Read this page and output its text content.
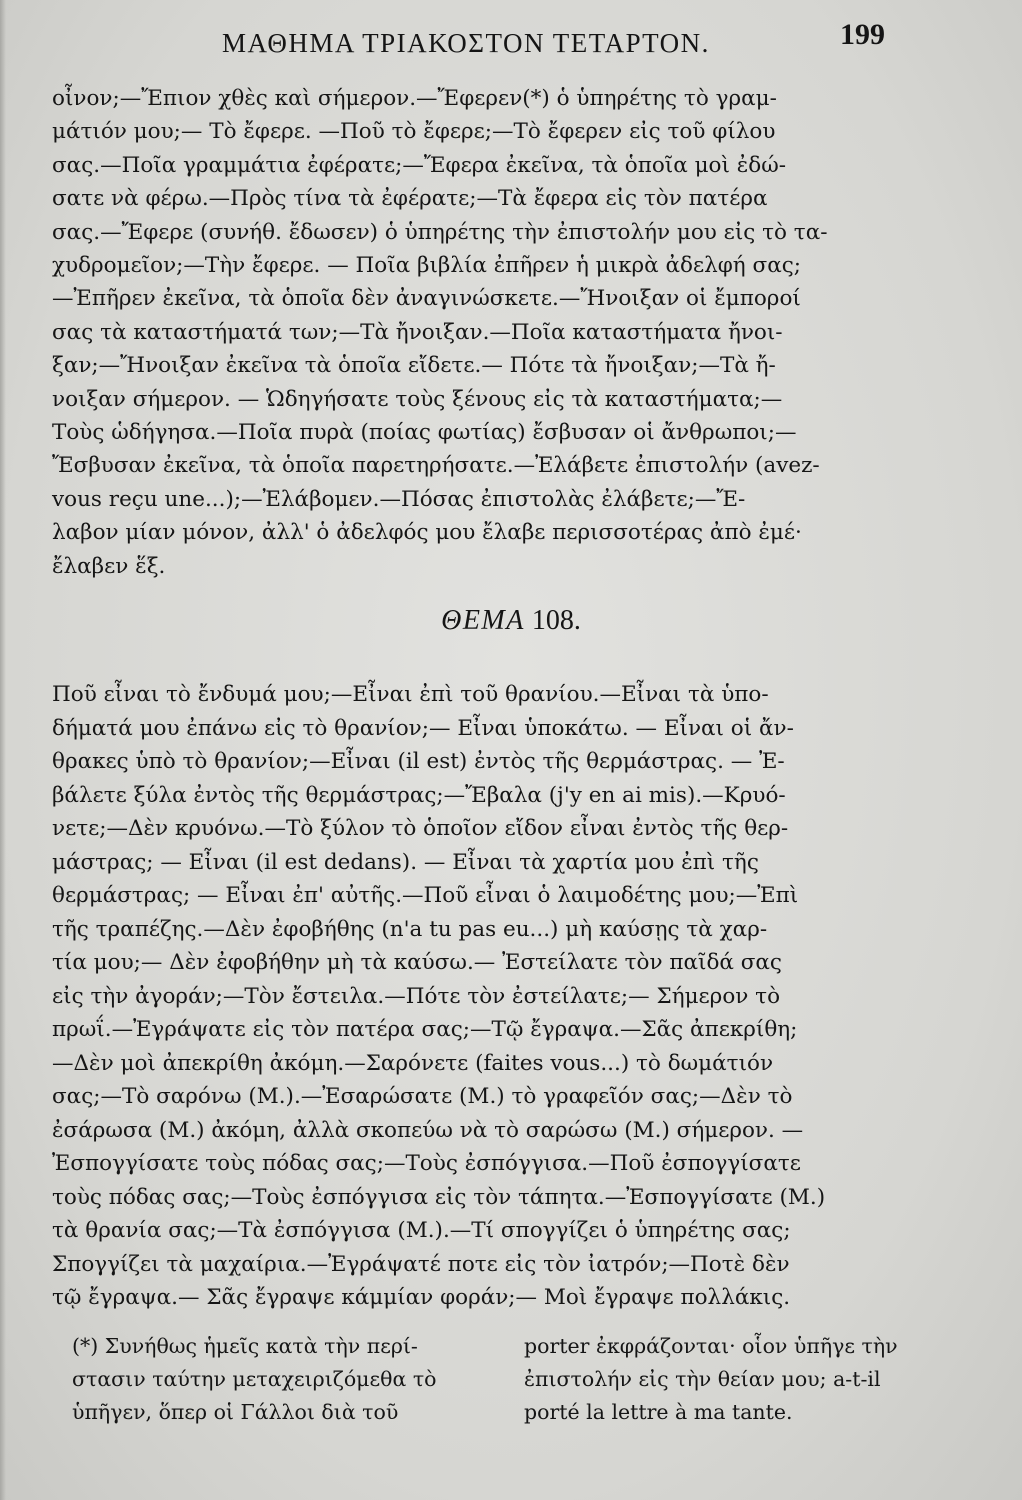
ΜΑΘΗΜΑ ΤΡΙΑΚΟΣΤΟΝ ΤΕΤΑΡΤΟΝ.	199
οἶνον;—Ἔπιον χθὲς καὶ σήμερον.—Ἔφερεν(*) ὁ ὑπηρέτης τὸ γραμ-
μάτιόν μου;— Τὸ ἔφερε. —Ποῦ τὸ ἔφερε;—Τὸ ἔφερεν εἰς τοῦ φίλου
σας.—Ποῖα γραμμάτια ἐφέρατε;—Ἔφερα ἐκεῖνα, τὰ ὁποῖα μοὶ ἐδώ-
σατε νὰ φέρω.—Πρὸς τίνα τὰ ἐφέρατε;—Τὰ ἔφερα εἰς τὸν πατέρα
σας.—Ἔφερε (συνήθ. ἔδωσεν) ὁ ὑπηρέτης τὴν ἐπιστολήν μου εἰς τὸ τα-
χυδρομεῖον;—Τὴν ἔφερε. — Ποῖα βιβλία ἐπῆρεν ἡ μικρὰ ἀδελφή σας;
—Ἐπῆρεν ἐκεῖνα, τὰ ὁποῖα δὲν ἀναγινώσκετε.—Ἤνοιξαν οἱ ἔμποροί
σας τὰ καταστήματά των;—Τὰ ἤνοιξαν.—Ποῖα καταστήματα ἤνοι-
ξαν;—Ἤνοιξαν ἐκεῖνα τὰ ὁποῖα εἴδετε.— Πότε τὰ ἤνοιξαν;—Τὰ ἤ-
νοιξαν σήμερον. — Ὡδηγήσατε τοὺς ξένους εἰς τὰ καταστήματα;—
Τοὺς ὡδήγησα.—Ποῖα πυρὰ (ποίας φωτίας) ἔσβυσαν οἱ ἄνθρωποι;—
Ἔσβυσαν ἐκεῖνα, τὰ ὁποῖα παρετηρήσατε.—Ἐλάβετε ἐπιστολήν (avez-
vous reçu une...);—Ἐλάβομεν.—Πόσας ἐπιστολὰς ἐλάβετε;—Ἔ-
λαβον μίαν μόνον, ἀλλ' ὁ ἀδελφός μου ἔλαβε περισσοτέρας ἀπὸ ἐμέ·
ἔλαβεν ἕξ.
ΘΕΜΑ 108.
Ποῦ εἶναι τὸ ἔνδυμά μου;—Εἶναι ἐπὶ τοῦ θρανίου.—Εἶναι τὰ ὑπο-
δήματά μου ἐπάνω εἰς τὸ θρανίον;— Εἶναι ὑποκάτω. — Εἶναι οἱ ἄν-
θρακες ὑπὸ τὸ θρανίον;—Εἶναι (il est) ἐντὸς τῆς θερμάστρας. — Ἐ-
βάλετε ξύλα ἐντὸς τῆς θερμάστρας;—Ἔβαλα (j'y en ai mis).—Κρυό-
νετε;—Δὲν κρυόνω.—Τὸ ξύλον τὸ ὁποῖον εἴδον εἶναι ἐντὸς τῆς θερ-
μάστρας; — Εἶναι (il est dedans). — Εἶναι τὰ χαρτία μου ἐπὶ τῆς
θερμάστρας; — Εἶναι ἐπ' αὐτῆς.—Ποῦ εἶναι ὁ λαιμοδέτης μου;—Ἐπὶ
τῆς τραπέζης.—Δὲν ἐφοβήθης (n'a tu pas eu...) μὴ καύσῃς τὰ χαρ-
τία μου;— Δὲν ἐφοβήθην μὴ τὰ καύσω.— Ἐστείλατε τὸν παῖδά σας
εἰς τὴν ἀγοράν;—Τὸν ἔστειλα.—Πότε τὸν ἐστείλατε;— Σήμερον τὸ
πρωΐ.—Ἐγράψατε εἰς τὸν πατέρα σας;—Τῷ ἔγραψα.—Σᾶς ἀπεκρίθη;
—Δὲν μοὶ ἀπεκρίθη ἀκόμη.—Σαρόνετε (faites vous...) τὸ δωμάτιόν
σας;—Τὸ σαρόνω (Μ.).—Ἐσαρώσατε (Μ.) τὸ γραφεῖόν σας;—Δὲν τὸ
ἐσάρωσα (Μ.) ἀκόμη, ἀλλὰ σκοπεύω νὰ τὸ σαρώσω (Μ.) σήμερον. —
Ἐσπογγίσατε τοὺς πόδας σας;—Τοὺς ἐσπόγγισα.—Ποῦ ἐσπογγίσατε
τοὺς πόδας σας;—Τοὺς ἐσπόγγισα εἰς τὸν τάπητα.—Ἐσπογγίσατε (Μ.)
τὰ θρανία σας;—Τὰ ἐσπόγγισα (Μ.).—Τί σπογγίζει ὁ ὑπηρέτης σας;
Σπογγίζει τὰ μαχαίρια.—Ἐγράψατέ ποτε εἰς τὸν ἰατρόν;—Ποτὲ δὲν
τῷ ἔγραψα.— Σᾶς ἔγραψε κάμμίαν φοράν;— Μοὶ ἔγραψε πολλάκις.
(*) Συνήθως ἡμεῖς κατὰ τὴν περί-
στασιν ταύτην μεταχειριζόμεθα τὸ
ὑπῆγεν, ὅπερ οἱ Γάλλοι διὰ τοῦ
porter ἐκφράζονται· οἷον ὑπῆγε τὴν
ἐπιστολήν εἰς τὴν θείαν μου; a-t-il
porté la lettre à ma tante.
